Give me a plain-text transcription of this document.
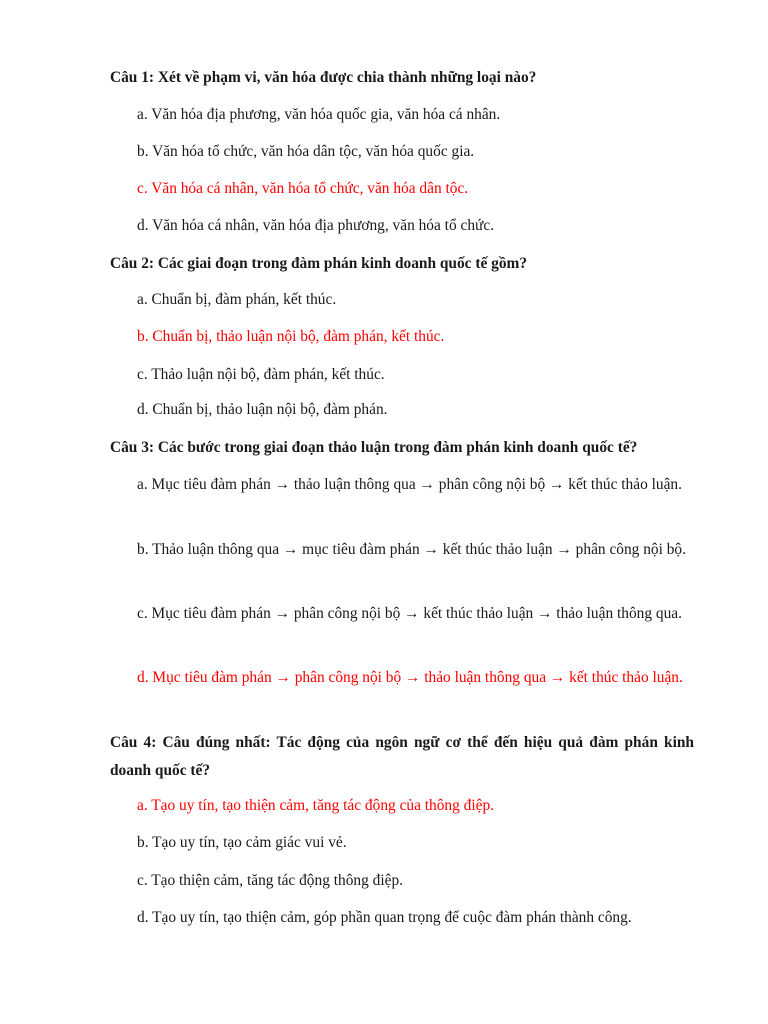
Câu 1: Xét về phạm vi, văn hóa được chia thành những loại nào?

a. Văn hóa địa phương, văn hóa quốc gia, văn hóa cá nhân.

b. Văn hóa tổ chức, văn hóa dân tộc, văn hóa quốc gia.

c. Văn hóa cá nhân, văn hóa tổ chức, văn hóa dân tộc.

d. Văn hóa cá nhân, văn hóa địa phương, văn hóa tổ chức.

Câu 2: Các giai đoạn trong đàm phán kinh doanh quốc tế gồm?

a. Chuẩn bị, đàm phán, kết thúc.

b. Chuẩn bị, thảo luận nội bộ, đàm phán, kết thúc.

c. Thảo luận nội bộ, đàm phán, kết thúc.

d. Chuẩn bị, thảo luận nội bộ, đàm phán.

Câu 3: Các bước trong giai đoạn thảo luận trong đàm phán kinh doanh quốc tế?

a. Mục tiêu đàm phán → thảo luận thông qua → phân công nội bộ → kết thúc thảo luận.

b. Thảo luận thông qua → mục tiêu đàm phán → kết thúc thảo luận → phân công nội bộ.

c. Mục tiêu đàm phán → phân công nội bộ → kết thúc thảo luận → thảo luận thông qua.

d. Mục tiêu đàm phán → phân công nội bộ → thảo luận thông qua → kết thúc thảo luận.

Câu 4: Câu đúng nhất: Tác động của ngôn ngữ cơ thể đến hiệu quả đàm phán kinh doanh quốc tế?

a. Tạo uy tín, tạo thiện cảm, tăng tác động của thông điệp.

b. Tạo uy tín, tạo cảm giác vui vẻ.

c. Tạo thiện cảm, tăng tác động thông điệp.

d. Tạo uy tín, tạo thiện cảm, góp phần quan trọng để cuộc đàm phán thành công.
